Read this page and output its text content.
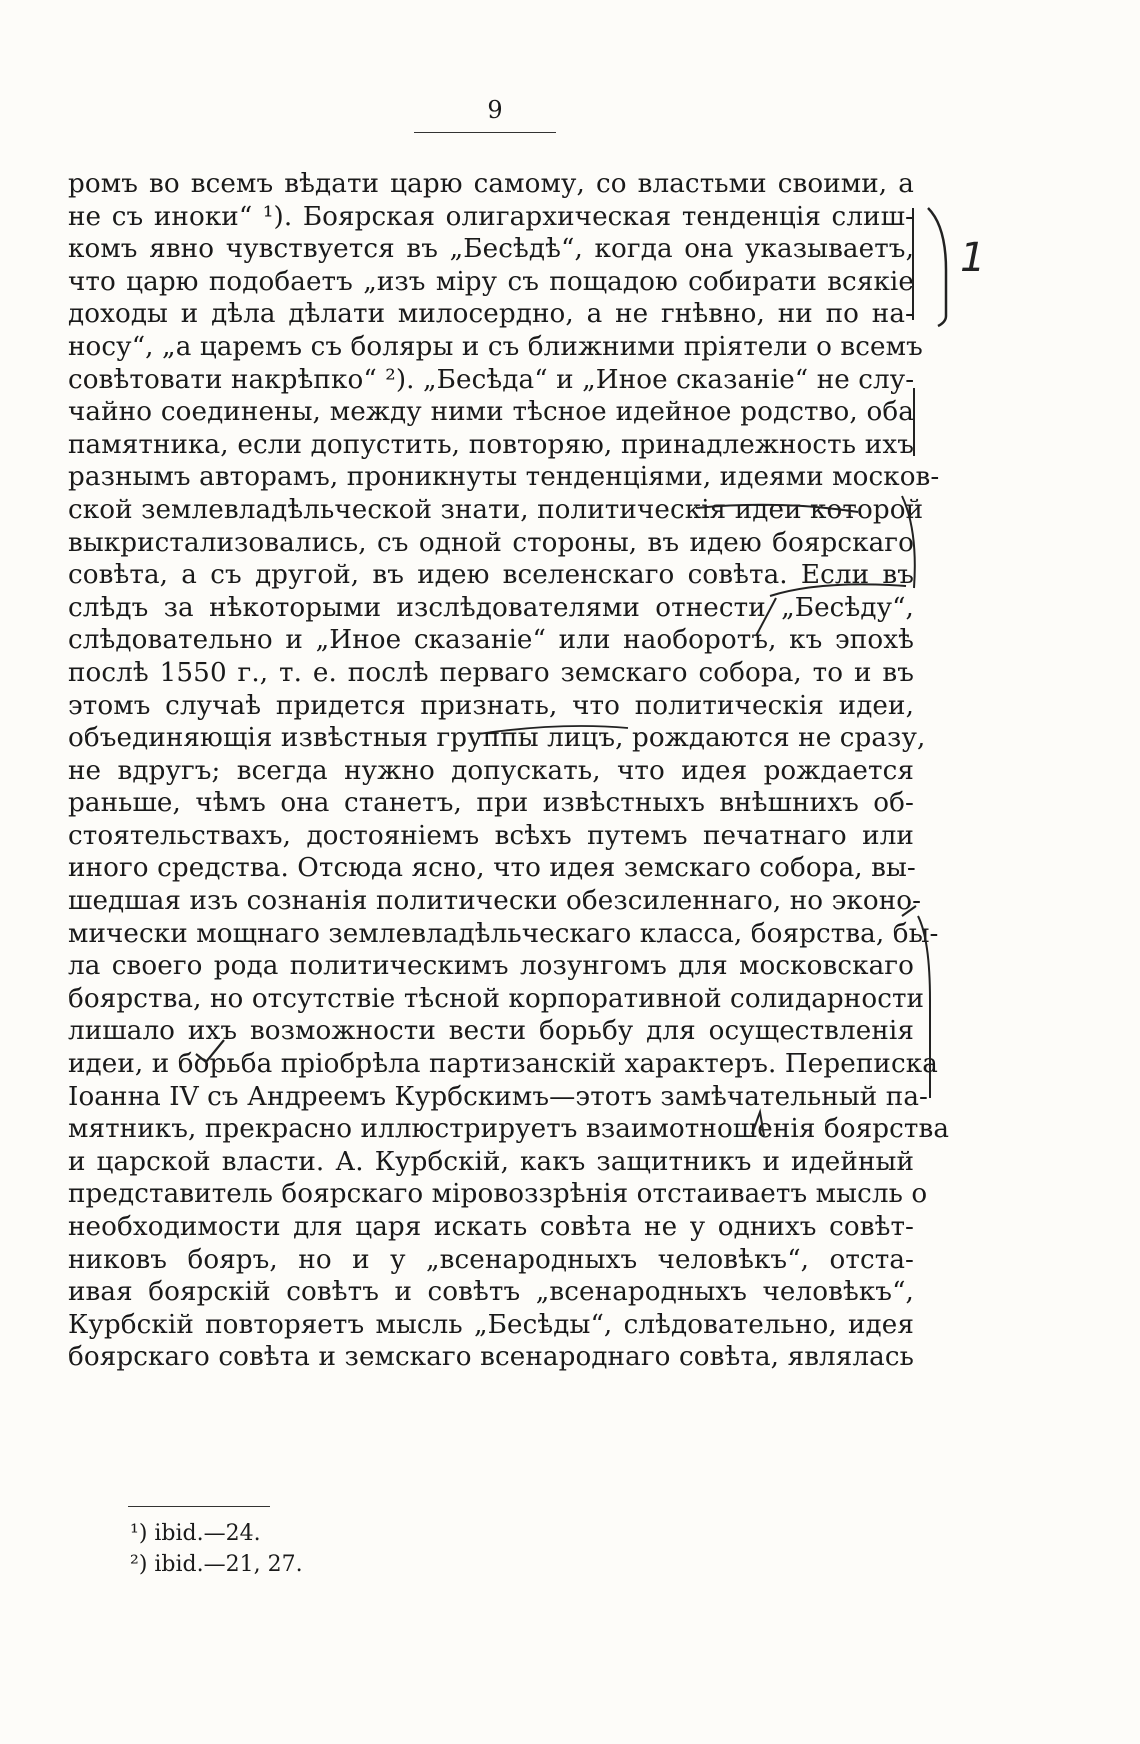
9
ромъ во всемъ вѣдати царю самому, со властьми своими, а
не съ иноки“ ¹). Боярская олигархическая тенденція слиш-
комъ явно чувствуется въ „Бесѣдѣ“, когда она указываетъ,
что царю подобаетъ „изъ міру съ пощадою собирати всякіе
доходы и дѣла дѣлати милосердно, а не гнѣвно, ни по на-
носу“, „а царемъ съ боляры и съ ближними пріятели о всемъ
совѣтовати накрѣпко“ ²). „Бесѣда“ и „Иное сказаніе“ не слу-
чайно соединены, между ними тѣсное идейное родство, оба
памятника, если допустить, повторяю, принадлежность ихъ
разнымъ авторамъ, проникнуты тенденціями, идеями москов-
ской землевладѣльческой знати, политическія идеи которой
выкристализовались, съ одной стороны, въ идею боярскаго
совѣта, а съ другой, въ идею вселенскаго совѣта. Если въ
слѣдъ за нѣкоторыми изслѣдователями отнести „Бесѣду“,
слѣдовательно и „Иное сказаніе“ или наоборотъ, къ эпохѣ
послѣ 1550 г., т. е. послѣ перваго земскаго собора, то и въ
этомъ случаѣ придется признать, что политическія идеи,
объединяющія извѣстныя группы лицъ, рождаются не сразу,
не вдругъ; всегда нужно допускать, что идея рождается
раньше, чѣмъ она станетъ, при извѣстныхъ внѣшнихъ об-
стоятельствахъ, достояніемъ всѣхъ путемъ печатнаго или
иного средства. Отсюда ясно, что идея земскаго собора, вы-
шедшая изъ сознанія политически обезсиленнаго, но эконо-
мически мощнаго землевладѣльческаго класса, боярства, бы-
ла своего рода политическимъ лозунгомъ для московскаго
боярства, но отсутствіе тѣсной корпоративной солидарности
лишало ихъ возможности вести борьбу для осуществленія
идеи, и борьба пріобрѣла партизанскій характеръ. Переписка
Іоанна IV съ Андреемъ Курбскимъ—этотъ замѣчательный па-
мятникъ, прекрасно иллюстрируетъ взаимотношенія боярства
и царской власти. А. Курбскій, какъ защитникъ и идейный
представитель боярскаго міровоззрѣнія отстаиваетъ мысль о
необходимости для царя искать совѣта не у однихъ совѣт-
никовъ бояръ, но и у „всенародныхъ человѣкъ“, отста-
ивая боярскій совѣтъ и совѣтъ „всенародныхъ человѣкъ“,
Курбскій повторяетъ мысль „Бесѣды“, слѣдовательно, идея
боярскаго совѣта и земскаго всенароднаго совѣта, являлась
¹) ibid.—24.
²) ibid.—21, 27.
1
